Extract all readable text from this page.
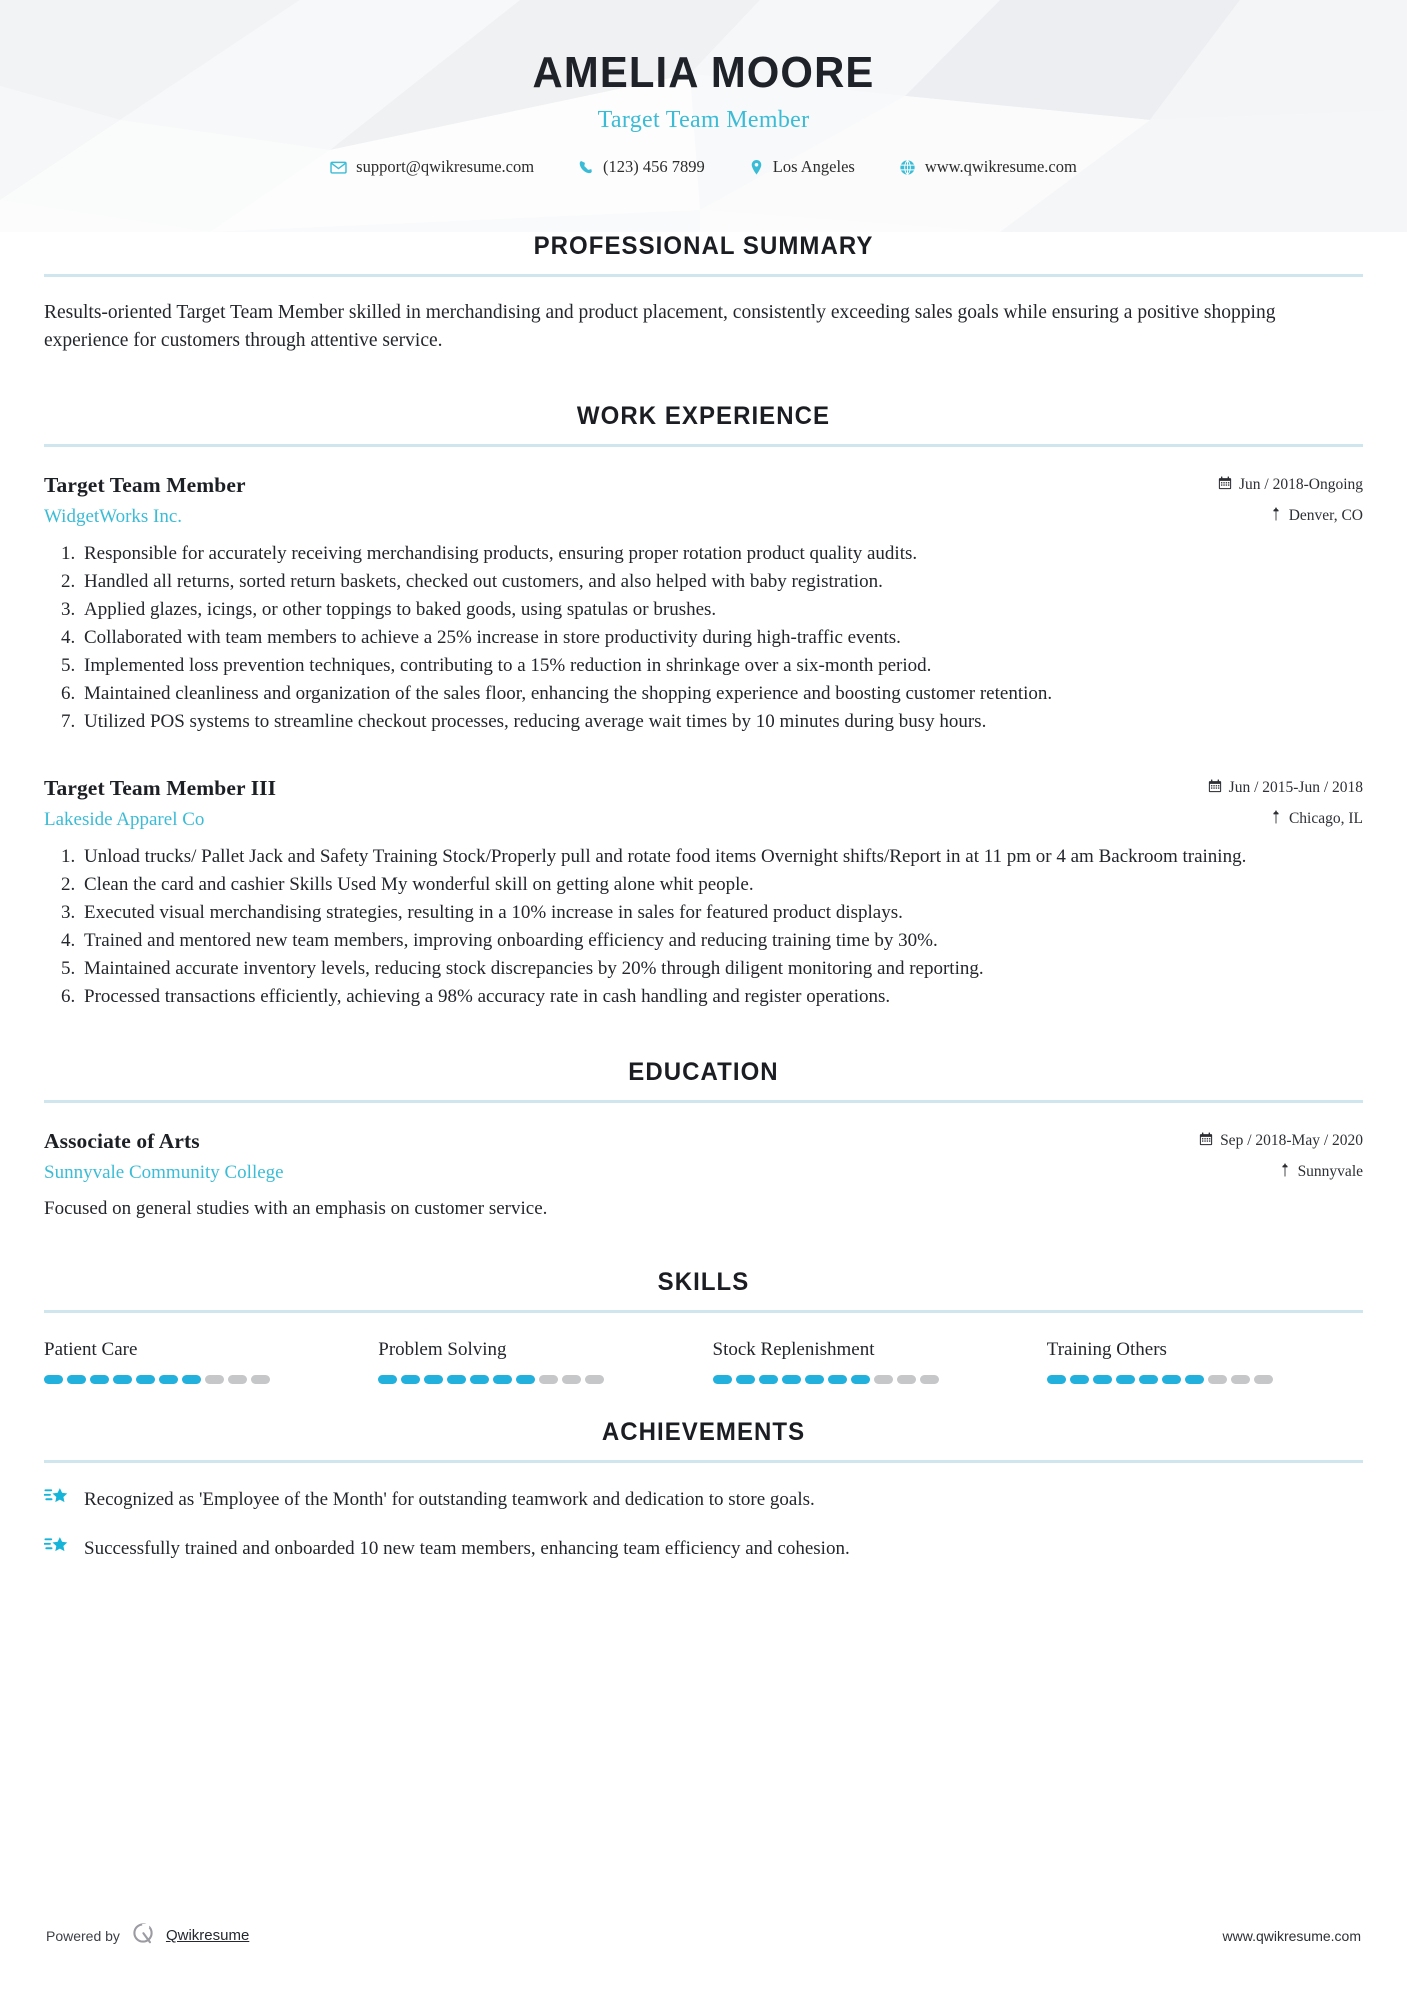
AMELIA MOORE
Target Team Member
support@qwikresume.com	(123) 456 7899	Los Angeles	www.qwikresume.com
PROFESSIONAL SUMMARY
Results-oriented Target Team Member skilled in merchandising and product placement, consistently exceeding sales goals while ensuring a positive shopping experience for customers through attentive service.
WORK EXPERIENCE
Target Team Member
WidgetWorks Inc.
Jun / 2018-Ongoing
Denver, CO
1. Responsible for accurately receiving merchandising products, ensuring proper rotation product quality audits.
2. Handled all returns, sorted return baskets, checked out customers, and also helped with baby registration.
3. Applied glazes, icings, or other toppings to baked goods, using spatulas or brushes.
4. Collaborated with team members to achieve a 25% increase in store productivity during high-traffic events.
5. Implemented loss prevention techniques, contributing to a 15% reduction in shrinkage over a six-month period.
6. Maintained cleanliness and organization of the sales floor, enhancing the shopping experience and boosting customer retention.
7. Utilized POS systems to streamline checkout processes, reducing average wait times by 10 minutes during busy hours.
Target Team Member III
Lakeside Apparel Co
Jun / 2015-Jun / 2018
Chicago, IL
1. Unload trucks/ Pallet Jack and Safety Training Stock/Properly pull and rotate food items Overnight shifts/Report in at 11 pm or 4 am Backroom training.
2. Clean the card and cashier Skills Used My wonderful skill on getting alone whit people.
3. Executed visual merchandising strategies, resulting in a 10% increase in sales for featured product displays.
4. Trained and mentored new team members, improving onboarding efficiency and reducing training time by 30%.
5. Maintained accurate inventory levels, reducing stock discrepancies by 20% through diligent monitoring and reporting.
6. Processed transactions efficiently, achieving a 98% accuracy rate in cash handling and register operations.
EDUCATION
Associate of Arts
Sunnyvale Community College
Sep / 2018-May / 2020
Sunnyvale
Focused on general studies with an emphasis on customer service.
SKILLS
Patient Care	Problem Solving	Stock Replenishment	Training Others
ACHIEVEMENTS
Recognized as 'Employee of the Month' for outstanding teamwork and dedication to store goals.
Successfully trained and onboarded 10 new team members, enhancing team efficiency and cohesion.
Powered by	Qwikresume	www.qwikresume.com
